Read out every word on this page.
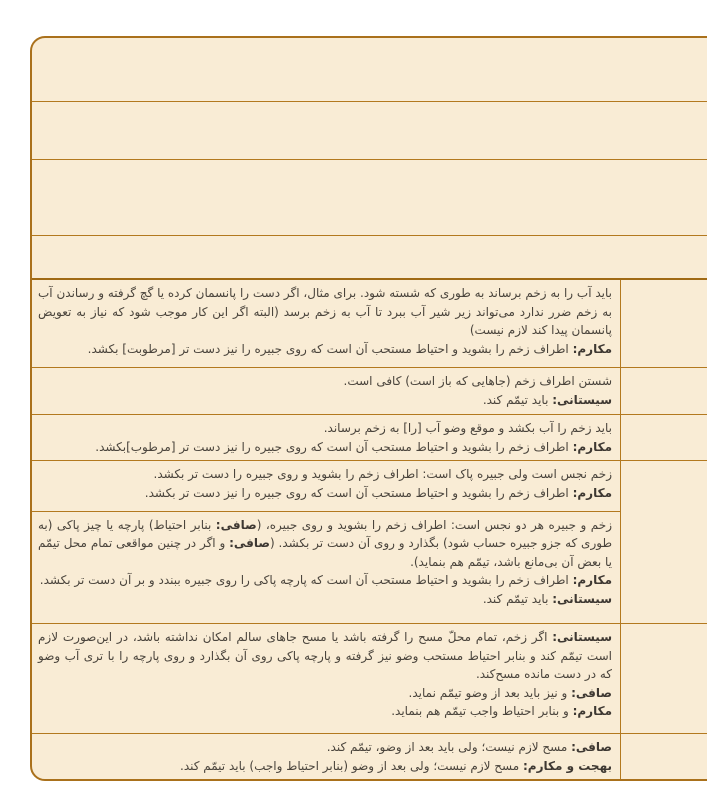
باید آب را به زخم برساند به طوری که شسته شود. برای مثال، اگر دست را پانسمان کرده یا گچ گرفته و رساندن آب به زخم ضرر ندارد می‌تواند زیر شیر آب ببرد تا آب به زخم برسد (البته اگر این کار موجب شود که نیاز به تعویض پانسمان پیدا کند لازم نیست)
مکارم: اطراف زخم را بشوید و احتیاط مستحب آن است که روی جبیره را نیز دست تر [مرطوبت] بکشد.
شستن اطراف زخم (جاهایی که باز است) کافی است.
سیستانی: باید تیمّم کند.
باید زخم را آب بکشد و موقع وضو آب [را] به زخم برساند.
مکارم: اطراف زخم را بشوید و احتیاط مستحب آن است که روی جبیره را نیز دست تر [مرطوب]بکشد.
زخم نجس است ولی جبیره پاک است: اطراف زخم را بشوید و روی جبیره را دست تر بکشد.
مکارم: اطراف زخم را بشوید و احتیاط مستحب آن است که روی جبیره را نیز دست تر بکشد.
زخم و جبیره هر دو نجس است: اطراف زخم را بشوید و روی جبیره، (صافی: بنابر احتیاط) پارچه یا چیز پاکی (به طوری که جزو جبیره حساب شود) بگذارد و روی آن دست تر بکشد. (صافی: و اگر در چنین مواقعی تمام محل تیمّم یا بعض آن بی‌مانع باشد، تیمّم هم بنماید).
مکارم: اطراف زخم را بشوید و احتیاط مستحب آن است که پارچه پاکی را روی جبیره ببندد و بر آن دست تر بکشد.
سیستانی: باید تیمّم کند.
سیستانی: اگر زخم، تمام محلّ مسح را گرفته باشد یا مسح جاهای سالم امکان نداشته باشد، در این‌صورت لازم است تیمّم کند و بنابر احتیاط مستحب وضو نیز گرفته و پارچه پاکی روی آن بگذارد و روی پارچه را با تری آب وضو که در دست مانده مسح‌کند.
صافی: و نیز باید بعد از وضو تیمّم نماید.
مکارم: و بنابر احتیاط واجب تیمّم هم بنماید.
صافی: مسح لازم نیست؛ ولی باید بعد از وضو، تیمّم کند.
بهجت و مکارم: مسح لازم نیست؛ ولی بعد از وضو (بنابر احتیاط واجب) باید تیمّم کند.
